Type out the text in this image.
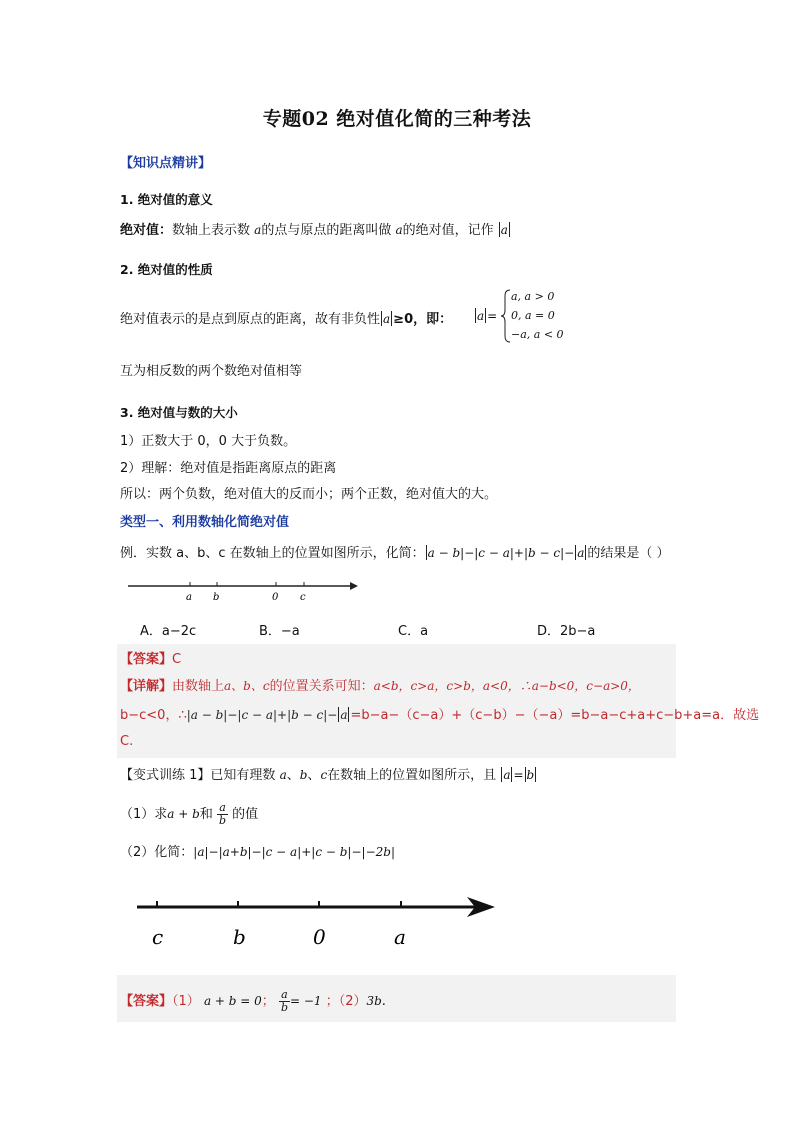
专题02 绝对值化简的三种考法
【知识点精讲】
1. 绝对值的意义
绝对值：数轴上表示数 a的点与原点的距离叫做 a的绝对值，记作 a
2. 绝对值的性质
绝对值表示的是点到原点的距离，故有非负性 a ≥0，即： a =
a, a > 0
0, a = 0
−a, a < 0
互为相反数的两个数绝对值相等
3. 绝对值与数的大小
1）正数大于 0，0 大于负数。
2）理解：绝对值是指距离原点的距离
所以：两个负数，绝对值大的反而小；两个正数，绝对值大的大。
类型一、利用数轴化简绝对值
例．实数 a、b、c 在数轴上的位置如图所示，化简： a − b|−|c − a|+|b − c|− a 的结果是（ ）
a b	0 c
A．a−2c	B．−a	C．a	D．2b−a
【答案】C
【详解】由数轴上a、b、c的位置关系可知：a<b，c>a，c>b，a<0，∴a−b<0，c−a>0，
b−c<0，∴|a − b|−|c − a|+|b − c|− a =b−a−（c−a）+（c−b）−（−a）=b−a−c+a+c−b+a=a．故选
C.
【变式训练 1】已知有理数 a、b、c在数轴上的位置如图所示，且 a = b
（1）求a + b和 $\frac{a}{b}$ 的值
（2）化简：|a|−|a+b|−|c − a|+|c − b|−|−2b|
c	b	0	a
【答案】（1） a + b = 0； $\frac{a}{b} = -1$ ；（2）3b.
